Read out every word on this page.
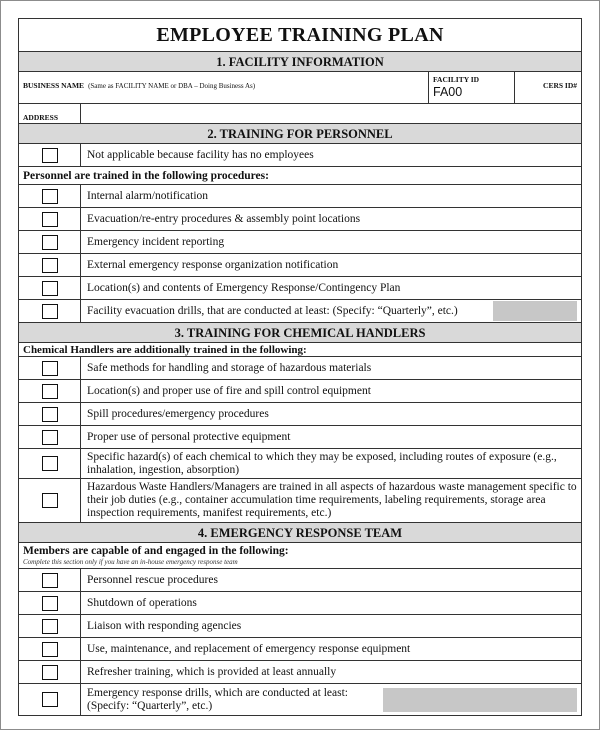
EMPLOYEE TRAINING PLAN
1. FACILITY INFORMATION
BUSINESS NAME (Same as FACILITY NAME or DBA – Doing Business As)
FACILITY ID
FA00	CERS ID#
ADDRESS
2. TRAINING FOR PERSONNEL
Not applicable because facility has no employees
Personnel are trained in the following procedures:
Internal alarm/notification
Evacuation/re-entry procedures & assembly point locations
Emergency incident reporting
External emergency response organization notification
Location(s) and contents of Emergency Response/Contingency Plan
Facility evacuation drills, that are conducted at least: (Specify: “Quarterly”, etc.)
3. TRAINING FOR CHEMICAL HANDLERS
Chemical Handlers are additionally trained in the following:
Safe methods for handling and storage of hazardous materials
Location(s) and proper use of fire and spill control equipment
Spill procedures/emergency procedures
Proper use of personal protective equipment
Specific hazard(s) of each chemical to which they may be exposed, including routes of exposure (e.g., inhalation, ingestion, absorption)
Hazardous Waste Handlers/Managers are trained in all aspects of hazardous waste management specific to their job duties (e.g., container accumulation time requirements, labeling requirements, storage area inspection requirements, manifest requirements, etc.)
4. EMERGENCY RESPONSE TEAM
Members are capable of and engaged in the following:
Complete this section only if you have an in-house emergency response team
Personnel rescue procedures
Shutdown of operations
Liaison with responding agencies
Use, maintenance, and replacement of emergency response equipment
Refresher training, which is provided at least annually
Emergency response drills, which are conducted at least: (Specify: “Quarterly”, etc.)
